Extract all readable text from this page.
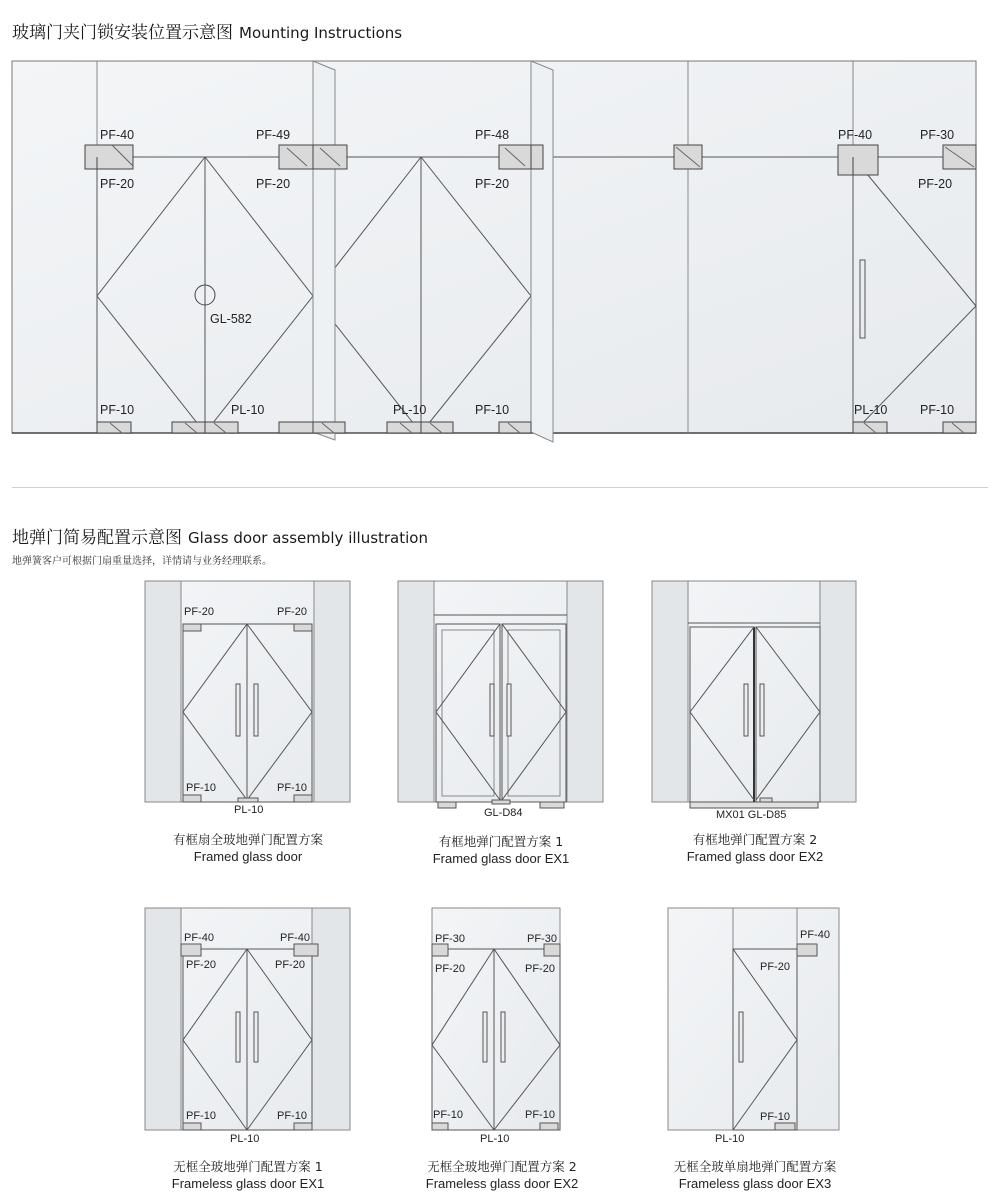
玻璃门夹门锁安装位置示意图 Mounting Instructions
地弹门简易配置示意图 Glass door assembly illustration
地弹簧客户可根据门扇重量选择，详情请与业务经理联系。
PF-40	PF-49	PF-48	PF-40	PF-30
PF-20	PF-20	PF-20	PF-20
GL-582
PF-10	PL-10	PL-10	PF-10	PL-10	PF-10
PF-20	PF-20
PF-10	PF-10
PL-10	GL-D84	MX01 GL-D85
PF-40	PF-40
PF-20	PF-20
PF-10	PF-10
PL-10
PF-30	PF-30
PF-20	PF-20
PF-10	PF-10
PL-10
PF-40
PF-20
PF-10
PL-10
有框扇全玻地弹门配置方案
Framed glass door
有框地弹门配置方案 1
Framed glass door EX1
有框地弹门配置方案 2
Framed glass door EX2
无框全玻地弹门配置方案 1
Frameless glass door EX1
无框全玻地弹门配置方案 2
Frameless glass door EX2
无框全玻单扇地弹门配置方案
Frameless glass door EX3
